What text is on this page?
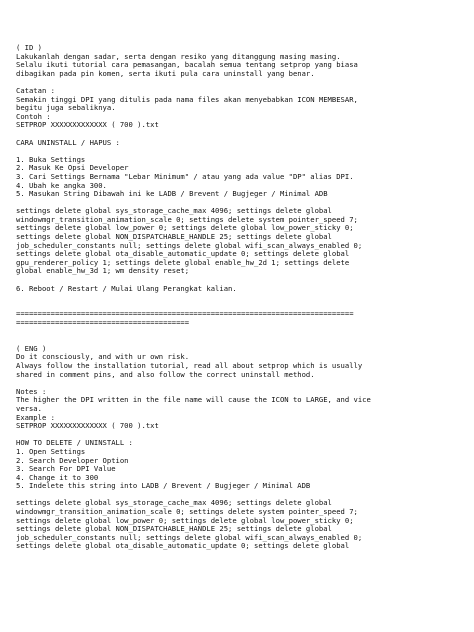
( ID )
Lakukanlah dengan sadar, serta dengan resiko yang ditanggung masing masing.
Selalu ikuti tutorial cara pemasangan, bacalah semua tentang setprop yang biasa
dibagikan pada pin komen, serta ikuti pula cara uninstall yang benar.
Catatan :
Semakin tinggi DPI yang ditulis pada nama files akan menyebabkan ICON MEMBESAR,
begitu juga sebaliknya.
Contoh :
SETPROP XXXXXXXXXXXXX ( 700 ).txt
CARA UNINSTALL / HAPUS :
1. Buka Settings
2. Masuk Ke Opsi Developer
3. Cari Settings Bernama "Lebar Minimum" / atau yang ada value "DP" alias DPI.
4. Ubah ke angka 300.
5. Masukan String Dibawah ini ke LADB / Brevent / Bugjeger / Minimal ADB
settings delete global sys_storage_cache_max 4096; settings delete global
windowmgr_transition_animation_scale 0; settings delete system pointer_speed 7;
settings delete global low_power 0; settings delete global low_power_sticky 0;
settings delete global NON_DISPATCHABLE_HANDLE 25; settings delete global
job_scheduler_constants null; settings delete global wifi_scan_always_enabled 0;
settings delete global ota_disable_automatic_update 0; settings delete global
gpu_renderer_policy 1; settings delete global enable_hw_2d 1; settings delete
global enable_hw_3d 1; wm density reset;
6. Reboot / Restart / Mulai Ulang Perangkat kalian.
==============================================================================
========================================
( ENG )
Do it consciously, and with ur own risk.
Always follow the installation tutorial, read all about setprop which is usually
shared in comment pins, and also follow the correct uninstall method.
Notes :
The higher the DPI written in the file name will cause the ICON to LARGE, and vice
versa.
Example :
SETPROP XXXXXXXXXXXXX ( 700 ).txt
HOW TO DELETE / UNINSTALL :
1. Open Settings
2. Search Developer Option
3. Search For DPI Value
4. Change it to 300
5. Indelete this string into LADB / Brevent / Bugjeger / Minimal ADB
settings delete global sys_storage_cache_max 4096; settings delete global
windowmgr_transition_animation_scale 0; settings delete system pointer_speed 7;
settings delete global low_power 0; settings delete global low_power_sticky 0;
settings delete global NON_DISPATCHABLE_HANDLE 25; settings delete global
job_scheduler_constants null; settings delete global wifi_scan_always_enabled 0;
settings delete global ota_disable_automatic_update 0; settings delete global
